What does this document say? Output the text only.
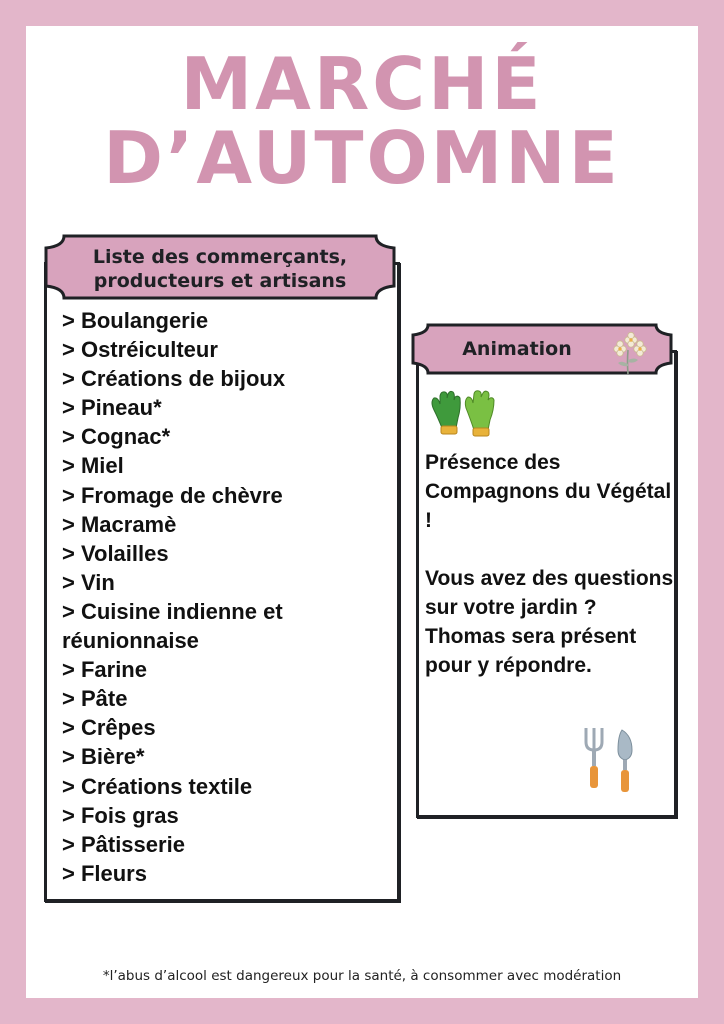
MARCHÉ
D’AUTOMNE
Liste des commerçants, producteurs et artisans
> Boulangerie
> Ostréiculteur
> Créations de bijoux
> Pineau*
> Cognac*
> Miel
> Fromage de chèvre
> Macramè
> Volailles
> Vin
> Cuisine indienne et
réunionnaise
> Farine
> Pâte
> Crêpes
> Bière*
> Créations textile
> Fois gras
> Pâtisserie
> Fleurs
Animation

Présence des Compagnons du Végétal !

Vous avez des questions sur votre jardin ? Thomas sera présent pour y répondre.

*l’abus d’alcool est dangereux pour la santé, à consommer avec modération
